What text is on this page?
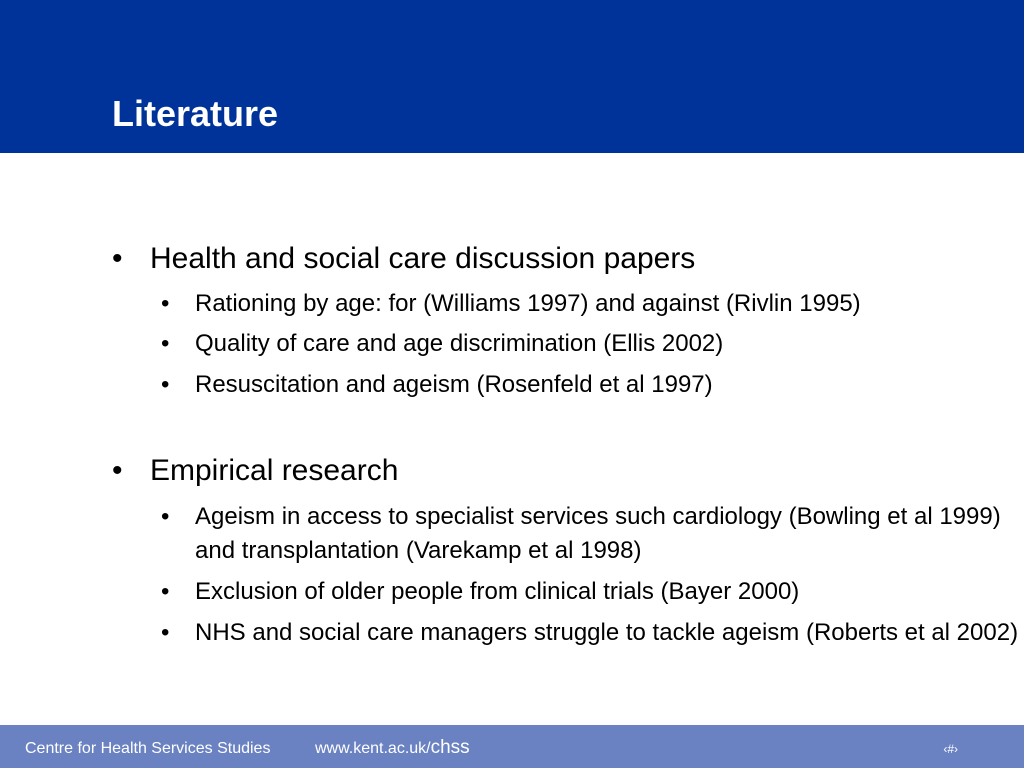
Literature
• Health and social care discussion papers
•	Rationing by age: for (Williams 1997) and against (Rivlin 1995)
•	Quality of care and age discrimination (Ellis 2002)
•	Resuscitation and ageism (Rosenfeld et al 1997)
• Empirical research
•	Ageism in access to specialist services such cardiology (Bowling et al 1999) and transplantation (Varekamp et al 1998)
•	Exclusion of older people from clinical trials (Bayer 2000)
•	NHS and social care managers struggle to tackle ageism (Roberts et al 2002)
Centre for Health Services Studies	www.kent.ac.uk/chss	‹#›
